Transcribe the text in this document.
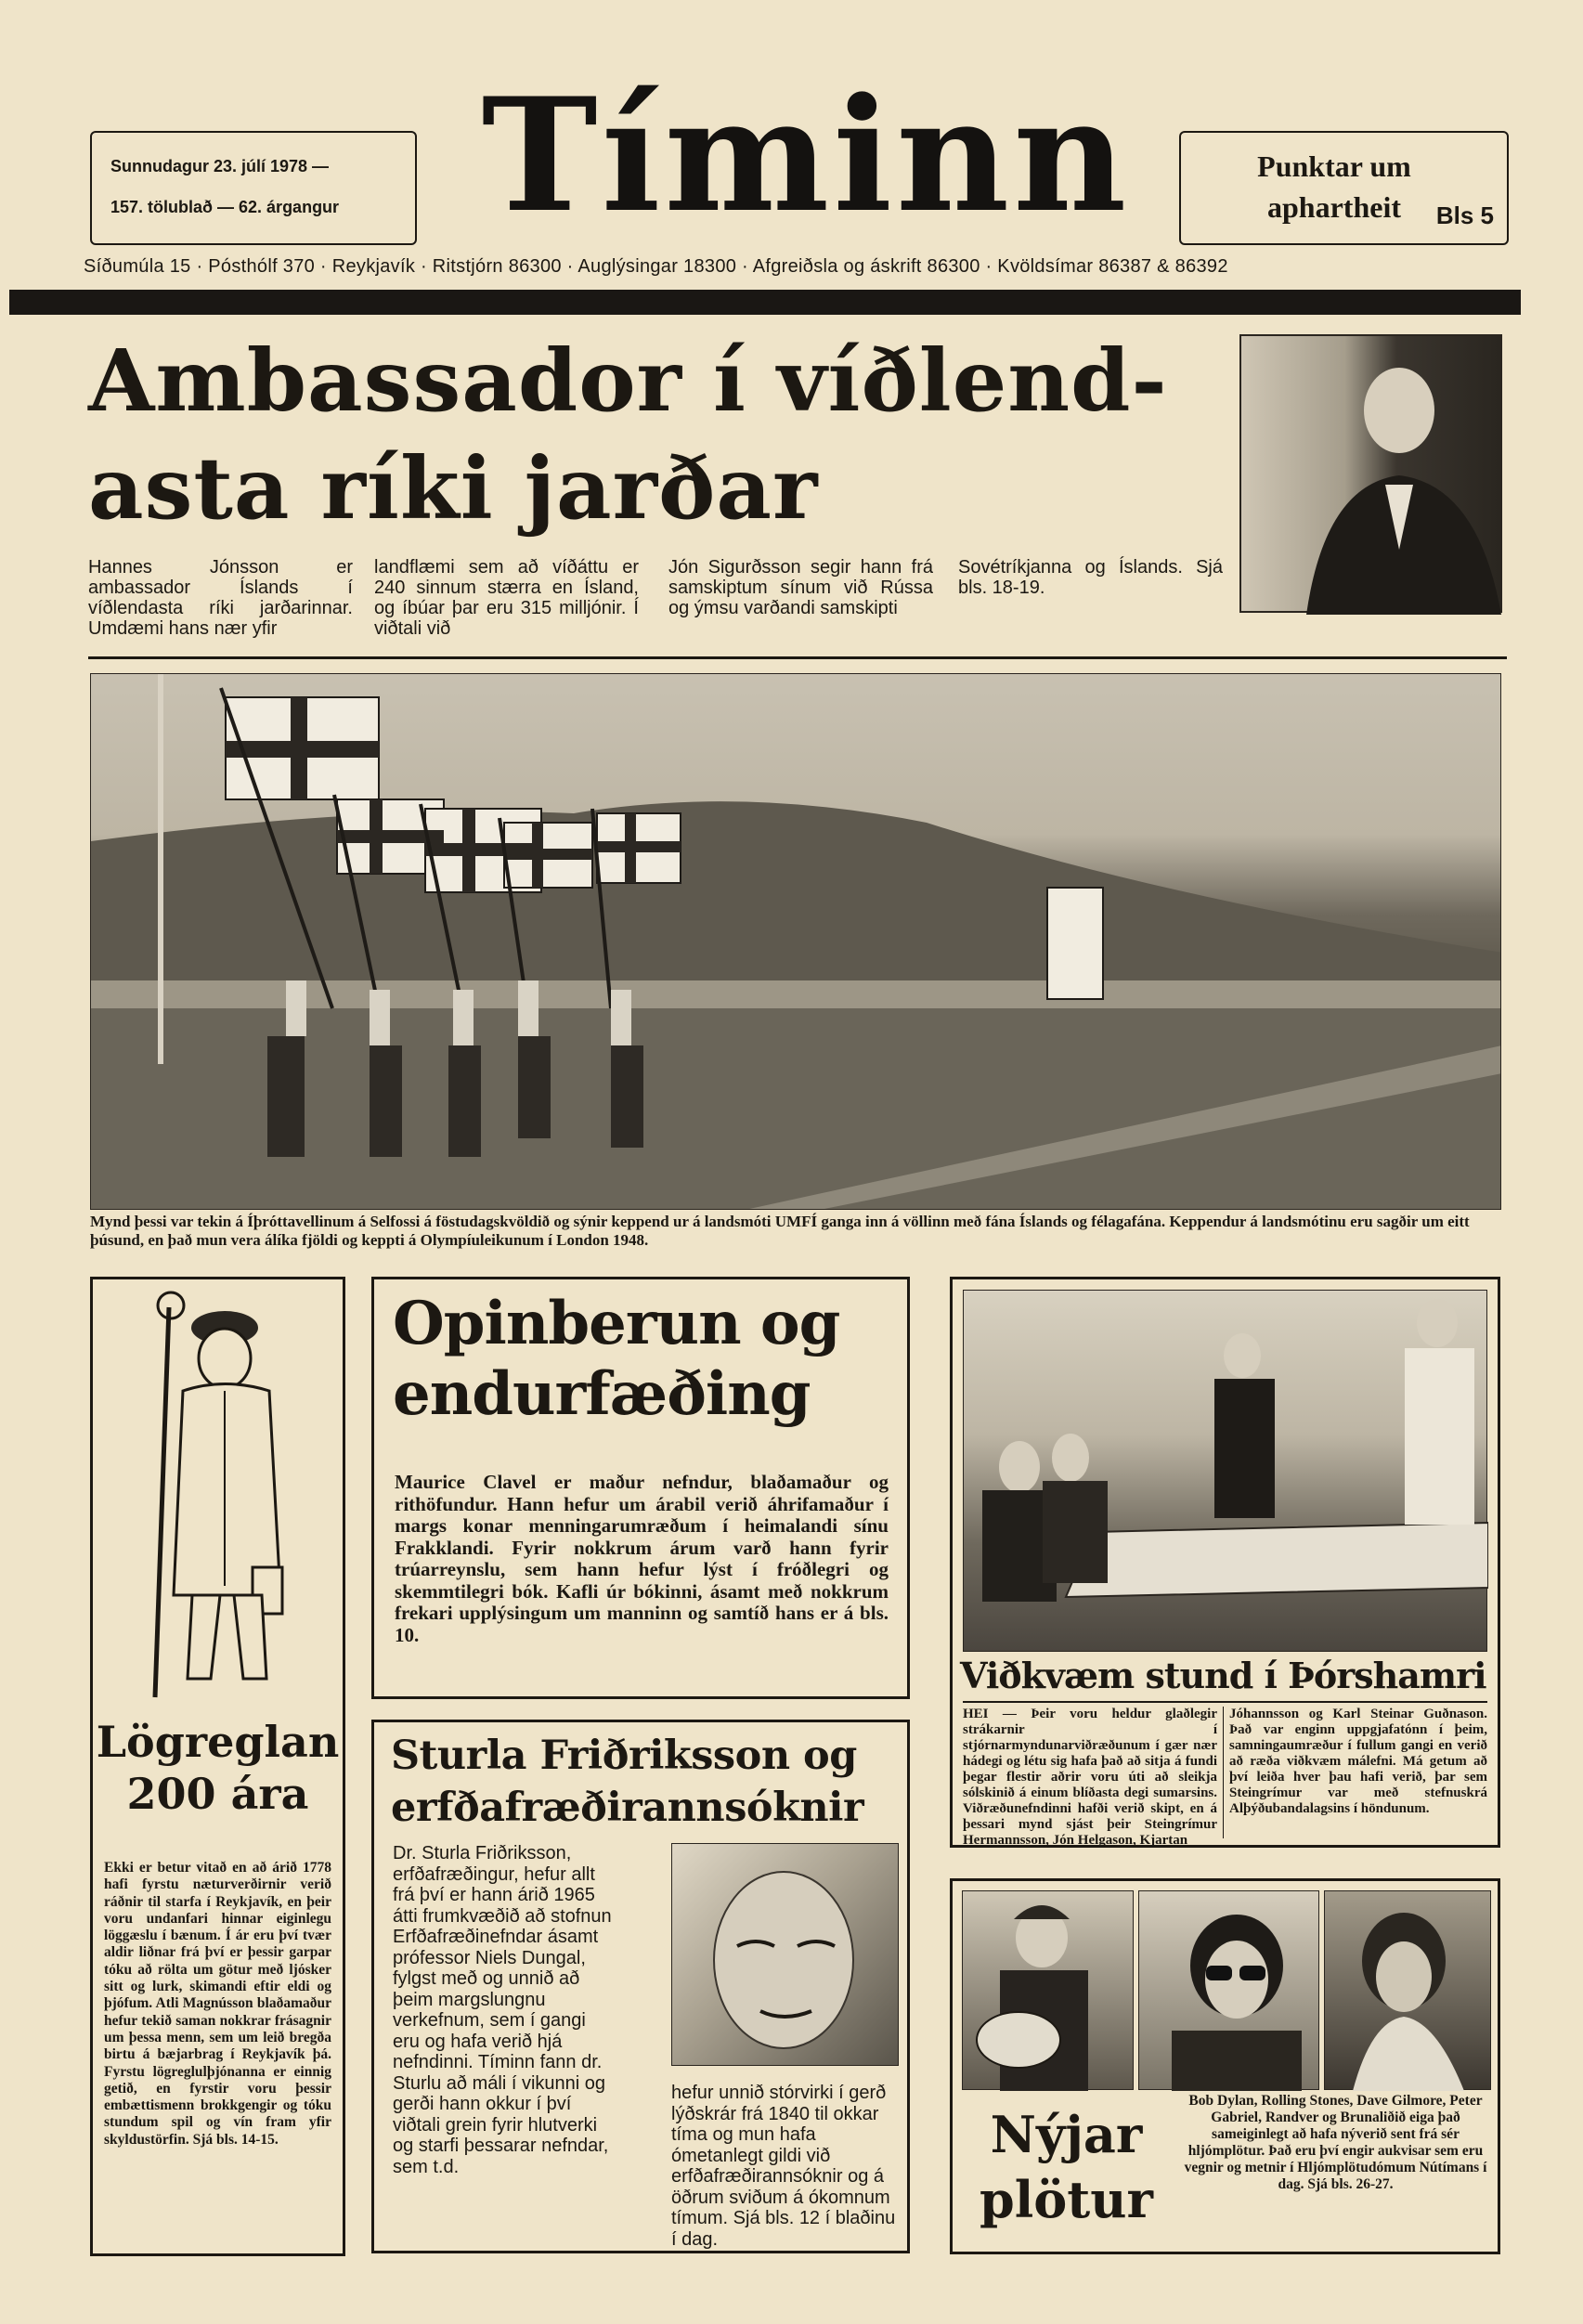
Sunnudagur 23. júlí 1978 —
157. tölublað — 62. árgangur Tíminn	Punktar um aphartheit	Bls 5
Síðumúla 15 · Pósthólf 370 · Reykjavík · Ritstjórn 86300 · Auglýsingar 18300 · Afgreiðsla og áskrift 86300 · Kvöldsímar 86387 & 86392
Ambassador í víðlend-
asta ríki jarðar
Hannes Jónsson er ambassador Íslands í víðlendasta ríki jarðarinnar. Umdæmi hans nær yfir
landflæmi sem að víðáttu er 240 sinnum stærra en Ísland, og íbúar þar eru 315 milljónir. Í viðtali við
Jón Sigurðsson segir hann frá samskiptum sínum við Rússa og ýmsu varðandi samskipti
Sovétríkjanna og Íslands. Sjá bls. 18-19.
Mynd þessi var tekin á Íþróttavellinum á Selfossi á föstudagskvöldið og sýnir keppend ur á landsmóti UMFÍ ganga inn á völlinn með fána Íslands og félagafána. Keppendur á landsmótinu eru sagðir um eitt þúsund, en það mun vera álíka fjöldi og keppti á Olympíuleikunum í London 1948.
Lögreglan
200 ára
Ekki er betur vitað en að árið 1778 hafi fyrstu næturverðirnir verið ráðnir til starfa í Reykjavík, en þeir voru undanfari hinnar eiginlegu löggæslu í bænum. Í ár eru því tvær aldir liðnar frá því er þessir garpar tóku að rölta um götur með ljósker sitt og lurk, skimandi eftir eldi og þjófum. Atli Magnússon blaðamaður hefur tekið saman nokkrar frásagnir um þessa menn, sem um leið bregða birtu á bæjarbrag í Reykjavík þá. Fyrstu lögreglulþjónanna er einnig getið, en fyrstir voru þessir embættismenn brokkgengir og tóku stundum spil og vín fram yfir skyldustörfin. Sjá bls. 14-15.
Opinberun og
endurfæðing
Maurice Clavel er maður nefndur, blaðamaður og rithöfundur. Hann hefur um árabil verið áhrifamaður í margs konar menningarumræðum í heimalandi sínu Frakklandi. Fyrir nokkrum árum varð hann fyrir trúarreynslu, sem hann hefur lýst í fróðlegri og skemmtilegri bók. Kafli úr bókinni, ásamt með nokkrum frekari upplýsingum um manninn og samtíð hans er á bls. 10.
Sturla Friðriksson og
erfðafræðirannsóknir
Dr. Sturla Friðriksson, erfðafræðingur, hefur allt frá því er hann árið 1965 átti frumkvæðið að stofnun Erfðafræðinefndar ásamt prófessor Niels Dungal, fylgst með og unnið að þeim margslungnu verkefnum, sem í gangi eru og hafa verið hjá nefndinni. Tíminn fann dr. Sturlu að máli í vikunni og gerði hann okkur í því viðtali grein fyrir hlutverki og starfi þessarar nefndar, sem t.d.
hefur unnið stórvirki í gerð lýðskrár frá 1840 til okkar tíma og mun hafa ómetanlegt gildi við erfðafræðirannsóknir og á öðrum sviðum á ókomnum tímum. Sjá bls. 12 í blaðinu í dag.
Viðkvæm stund í Þórshamri
HEI — Þeir voru heldur glaðlegir strákarnir í stjórnarmyndunarviðræðunum í gær nær hádegi og létu sig hafa það að sitja á fundi þegar flestir aðrir voru úti að sleikja sólskinið á einum blíðasta degi sumarsins. Viðræðunefndinni hafði verið skipt, en á þessari mynd sjást þeir Steingrímur Hermannsson, Jón Helgason, Kjartan
Jóhannsson og Karl Steinar Guðnason. Það var enginn uppgjafatónn í þeim, samningaumræður í fullum gangi en verið að ræða viðkvæm málefni. Má getum að því leiða hver þau hafi verið, þar sem Steingrímur var með stefnuskrá Alþýðubandalagsins í höndunum.
Nýjar
plötur
Bob Dylan, Rolling Stones, Dave Gilmore, Peter Gabriel, Randver og Brunaliðið eiga það sameiginlegt að hafa nýverið sent frá sér hljómplötur. Það eru því engir aukvisar sem eru vegnir og metnir í Hljómplötudómum Nútímans í dag. Sjá bls. 26-27.
